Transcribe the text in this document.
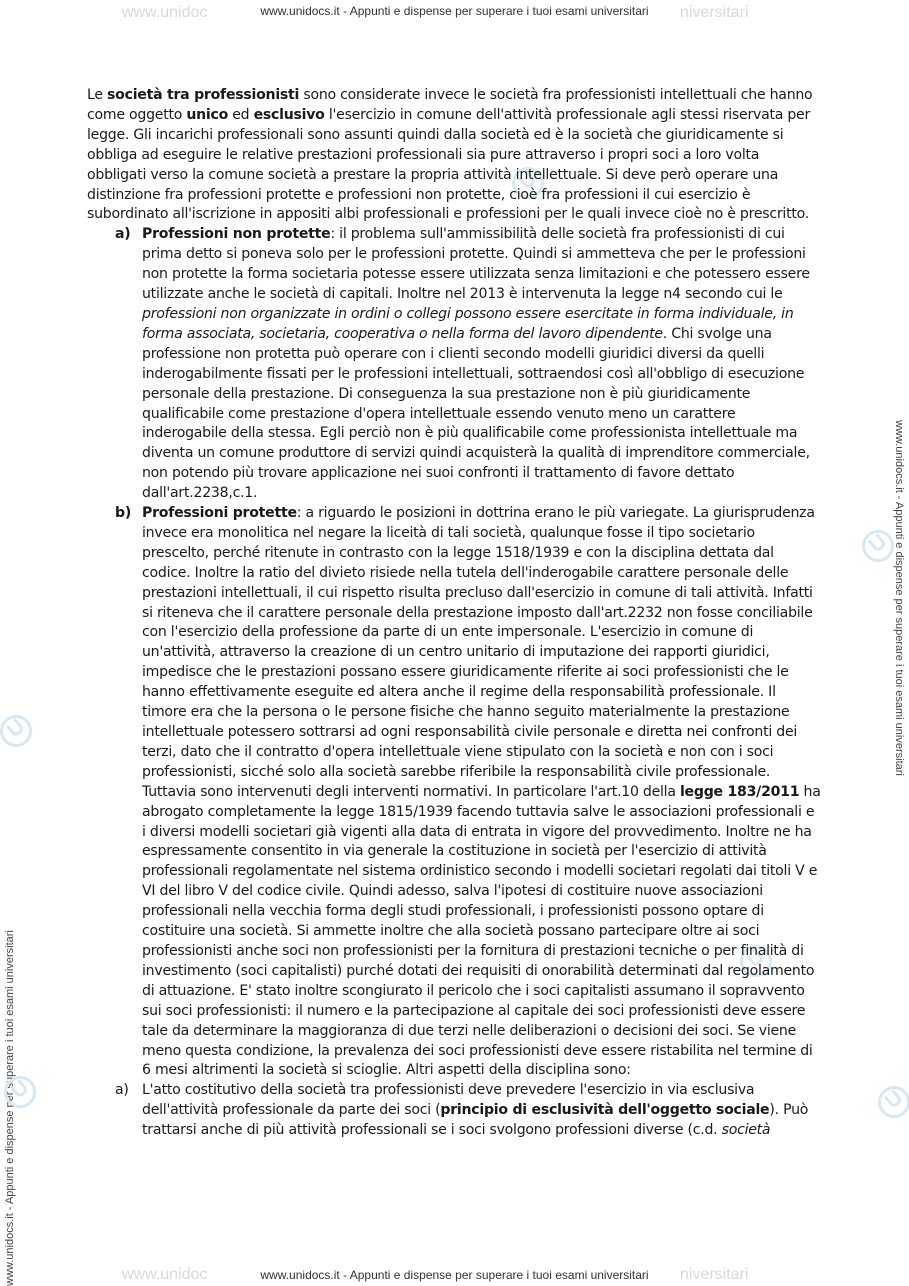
www.unidoc	niversitari
www.unidocs.it - Appunti e dispense per superare i tuoi esami universitari
www.unidoc	niversitari
www.unidocs.it - Appunti e dispense per superare i tuoi esami universitari
www.unidocs.it - Appunti e dispense per superare i tuoi esami universitari
www.unidocs.it - Appunti e dispense per superare i tuoi esami universitari

Le società tra professionisti sono considerate invece le società fra professionisti intellettuali che hanno come oggetto unico ed esclusivo l'esercizio in comune dell'attività professionale agli stessi riservata per legge. Gli incarichi professionali sono assunti quindi dalla società ed è la società che giuridicamente si obbliga ad eseguire le relative prestazioni professionali sia pure attraverso i propri soci a loro volta obbligati verso la comune società a prestare la propria attività intellettuale. Si deve però operare una distinzione fra professioni protette e professioni non protette, cioè fra professioni il cui esercizio è subordinato all'iscrizione in appositi albi professionali e professioni per le quali invece cioè no è prescritto.

a) Professioni non protette: il problema sull'ammissibilità delle società fra professionisti di cui prima detto si poneva solo per le professioni protette. Quindi si ammetteva che per le professioni non protette la forma societaria potesse essere utilizzata senza limitazioni e che potessero essere utilizzate anche le società di capitali. Inoltre nel 2013 è intervenuta la legge n4 secondo cui le professioni non organizzate in ordini o collegi possono essere esercitate in forma individuale, in forma associata, societaria, cooperativa o nella forma del lavoro dipendente. Chi svolge una professione non protetta può operare con i clienti secondo modelli giuridici diversi da quelli inderogabilmente fissati per le professioni intellettuali, sottraendosi così all'obbligo di esecuzione personale della prestazione. Di conseguenza la sua prestazione non è più giuridicamente qualificabile come prestazione d'opera intellettuale essendo venuto meno un carattere inderogabile della stessa. Egli perciò non è più qualificabile come professionista intellettuale ma diventa un comune produttore di servizi quindi acquisterà la qualità di imprenditore commerciale, non potendo più trovare applicazione nei suoi confronti il trattamento di favore dettato dall'art.2238,c.1.
b) Professioni protette: a riguardo le posizioni in dottrina erano le più variegate. La giurisprudenza invece era monolitica nel negare la liceità di tali società, qualunque fosse il tipo societario prescelto, perché ritenute in contrasto con la legge 1518/1939 e con la disciplina dettata dal codice. Inoltre la ratio del divieto risiede nella tutela dell'inderogabile carattere personale delle prestazioni intellettuali, il cui rispetto risulta precluso dall'esercizio in comune di tali attività. Infatti si riteneva che il carattere personale della prestazione imposto dall'art.2232 non fosse conciliabile con l'esercizio della professione da parte di un ente impersonale. L'esercizio in comune di un'attività, attraverso la creazione di un centro unitario di imputazione dei rapporti giuridici, impedisce che le prestazioni possano essere giuridicamente riferite ai soci professionisti che le hanno effettivamente eseguite ed altera anche il regime della responsabilità professionale. Il timore era che la persona o le persone fisiche che hanno seguito materialmente la prestazione intellettuale potessero sottrarsi ad ogni responsabilità civile personale e diretta nei confronti dei terzi, dato che il contratto d'opera intellettuale viene stipulato con la società e non con i soci professionisti, sicché solo alla società sarebbe riferibile la responsabilità civile professionale. Tuttavia sono intervenuti degli interventi normativi. In particolare l'art.10 della legge 183/2011 ha abrogato completamente la legge 1815/1939 facendo tuttavia salve le associazioni professionali e i diversi modelli societari già vigenti alla data di entrata in vigore del provvedimento. Inoltre ne ha espressamente consentito in via generale la costituzione in società per l'esercizio di attività professionali regolamentate nel sistema ordinistico secondo i modelli societari regolati dai titoli V e VI del libro V del codice civile. Quindi adesso, salva l'ipotesi di costituire nuove associazioni professionali nella vecchia forma degli studi professionali, i professionisti possono optare di costituire una società. Si ammette inoltre che alla società possano partecipare oltre ai soci professionisti anche soci non professionisti per la fornitura di prestazioni tecniche o per finalità di investimento (soci capitalisti) purché dotati dei requisiti di onorabilità determinati dal regolamento di attuazione. E' stato inoltre scongiurato il pericolo che i soci capitalisti assumano il sopravvento sui soci professionisti: il numero e la partecipazione al capitale dei soci professionisti deve essere tale da determinare la maggioranza di due terzi nelle deliberazioni o decisioni dei soci. Se viene meno questa condizione, la prevalenza dei soci professionisti deve essere ristabilita nel termine di 6 mesi altrimenti la società si scioglie. Altri aspetti della disciplina sono:
a) L'atto costitutivo della società tra professionisti deve prevedere l'esercizio in via esclusiva dell'attività professionale da parte dei soci (principio di esclusività dell'oggetto sociale). Può trattarsi anche di più attività professionali se i soci svolgono professioni diverse (c.d. società
